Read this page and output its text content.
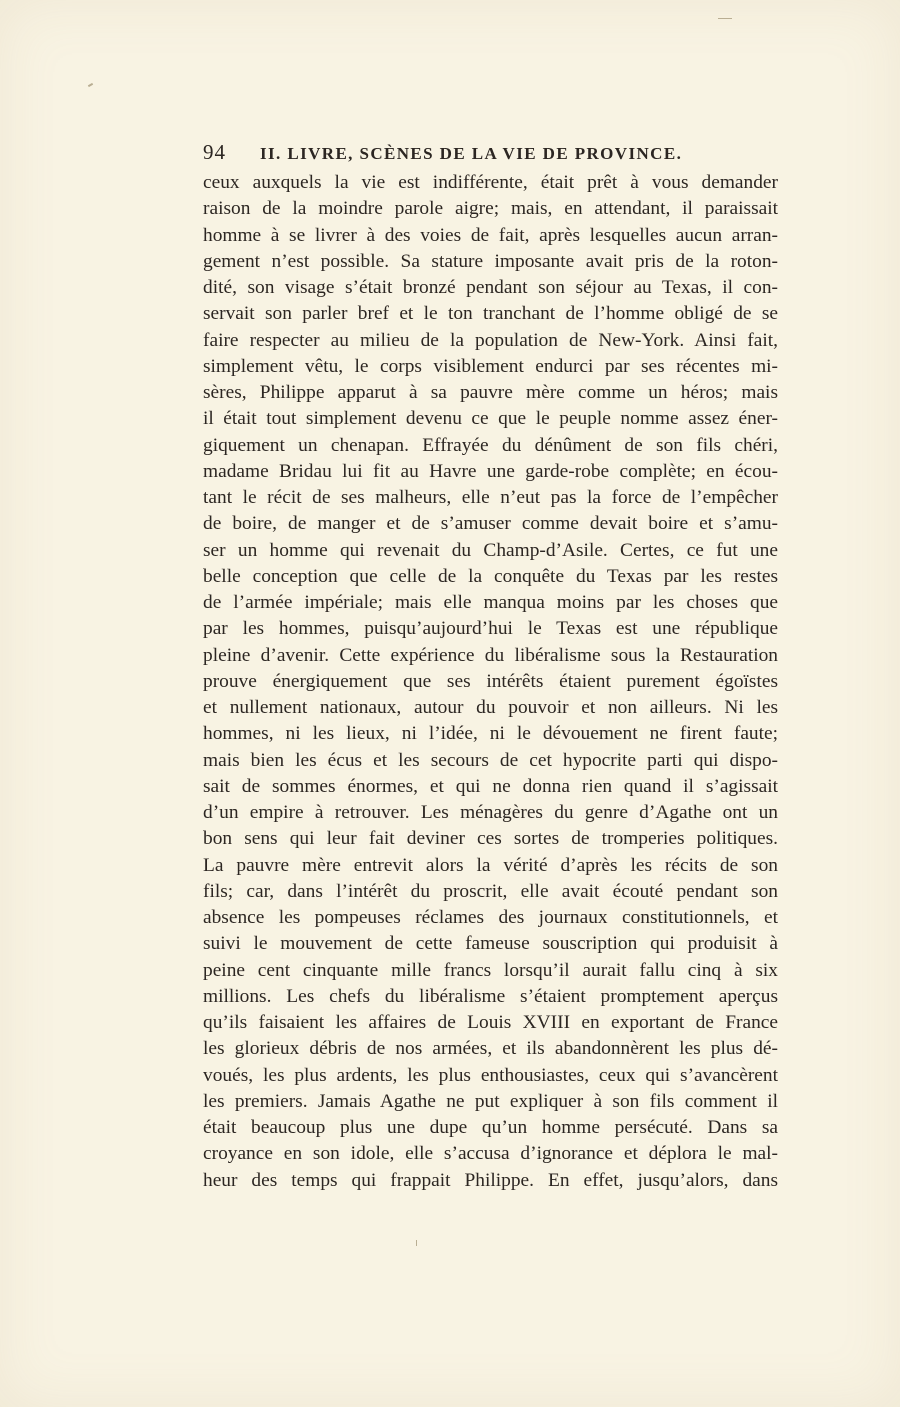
94 II. LIVRE, SCÈNES DE LA VIE DE PROVINCE.
ceux auxquels la vie est indifférente, était prêt à vous demander
raison de la moindre parole aigre; mais, en attendant, il paraissait
homme à se livrer à des voies de fait, après lesquelles aucun arran-
gement n’est possible. Sa stature imposante avait pris de la roton-
dité, son visage s’était bronzé pendant son séjour au Texas, il con-
servait son parler bref et le ton tranchant de l’homme obligé de se
faire respecter au milieu de la population de New-York. Ainsi fait,
simplement vêtu, le corps visiblement endurci par ses récentes mi-
sères, Philippe apparut à sa pauvre mère comme un héros; mais
il était tout simplement devenu ce que le peuple nomme assez éner-
giquement un chenapan. Effrayée du dénûment de son fils chéri,
madame Bridau lui fit au Havre une garde-robe complète; en écou-
tant le récit de ses malheurs, elle n’eut pas la force de l’empêcher
de boire, de manger et de s’amuser comme devait boire et s’amu-
ser un homme qui revenait du Champ-d’Asile. Certes, ce fut une
belle conception que celle de la conquête du Texas par les restes
de l’armée impériale; mais elle manqua moins par les choses que
par les hommes, puisqu’aujourd’hui le Texas est une république
pleine d’avenir. Cette expérience du libéralisme sous la Restauration
prouve énergiquement que ses intérêts étaient purement égoïstes
et nullement nationaux, autour du pouvoir et non ailleurs. Ni les
hommes, ni les lieux, ni l’idée, ni le dévouement ne firent faute;
mais bien les écus et les secours de cet hypocrite parti qui dispo-
sait de sommes énormes, et qui ne donna rien quand il s’agissait
d’un empire à retrouver. Les ménagères du genre d’Agathe ont un
bon sens qui leur fait deviner ces sortes de tromperies politiques.
La pauvre mère entrevit alors la vérité d’après les récits de son
fils; car, dans l’intérêt du proscrit, elle avait écouté pendant son
absence les pompeuses réclames des journaux constitutionnels, et
suivi le mouvement de cette fameuse souscription qui produisit à
peine cent cinquante mille francs lorsqu’il aurait fallu cinq à six
millions. Les chefs du libéralisme s’étaient promptement aperçus
qu’ils faisaient les affaires de Louis XVIII en exportant de France
les glorieux débris de nos armées, et ils abandonnèrent les plus dé-
voués, les plus ardents, les plus enthousiastes, ceux qui s’avancèrent
les premiers. Jamais Agathe ne put expliquer à son fils comment il
était beaucoup plus une dupe qu’un homme persécuté. Dans sa
croyance en son idole, elle s’accusa d’ignorance et déplora le mal-
heur des temps qui frappait Philippe. En effet, jusqu’alors, dans
